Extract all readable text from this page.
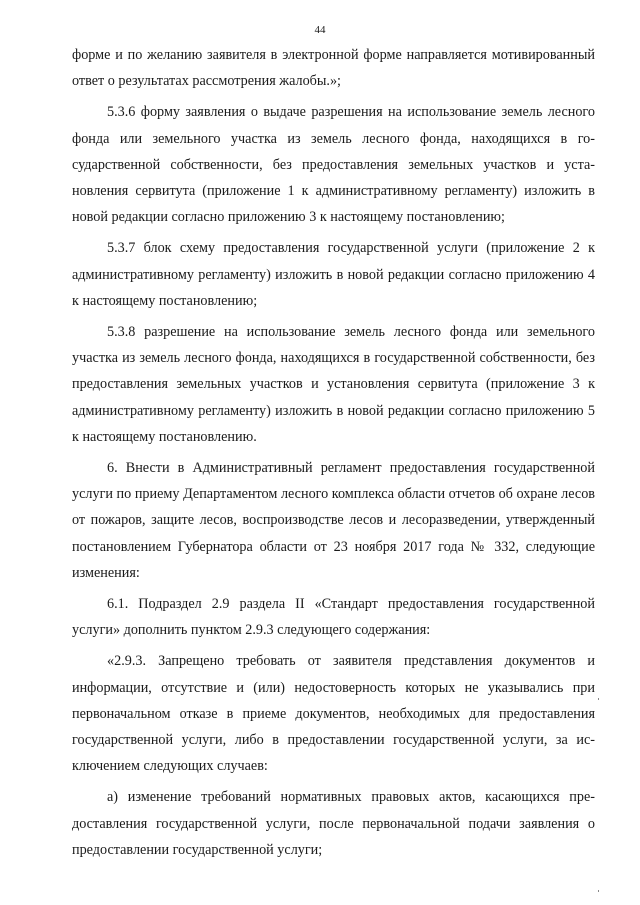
44

форме и по желанию заявителя в электронной форме направляется мотивированный ответ о результатах рассмотрения жалобы.»;

5.3.6 форму заявления о выдаче разрешения на использование земель лесного фонда или земельного участка из земель лесного фонда, находящихся в государственной собственности, без предоставления земельных участков и установления сервитута (приложение 1 к административному регламенту) изложить в новой редакции согласно приложению 3 к настоящему постановлению;

5.3.7 блок схему предоставления государственной услуги (приложение 2 к административному регламенту) изложить в новой редакции согласно приложению 4 к настоящему постановлению;

5.3.8 разрешение на использование земель лесного фонда или земельного участка из земель лесного фонда, находящихся в государственной собственности, без предоставления земельных участков и установления сервитута (приложение 3 к административному регламенту) изложить в новой редакции согласно приложению 5 к настоящему постановлению.

6. Внести в Административный регламент предоставления государственной услуги по приему Департаментом лесного комплекса области отчетов об охране лесов от пожаров, защите лесов, воспроизводстве лесов и лесоразведении, утвержденный постановлением Губернатора области от 23 ноября 2017 года № 332, следующие изменения:

6.1. Подраздел 2.9 раздела II «Стандарт предоставления государственной услуги» дополнить пунктом 2.9.3 следующего содержания:

«2.9.3. Запрещено требовать от заявителя представления документов и информации, отсутствие и (или) недостоверность которых не указывались при первоначальном отказе в приеме документов, необходимых для предоставления государственной услуги, либо в предоставлении государственной услуги, за исключением следующих случаев:

а) изменение требований нормативных правовых актов, касающихся предоставления государственной услуги, после первоначальной подачи заявления о предоставлении государственной услуги;
